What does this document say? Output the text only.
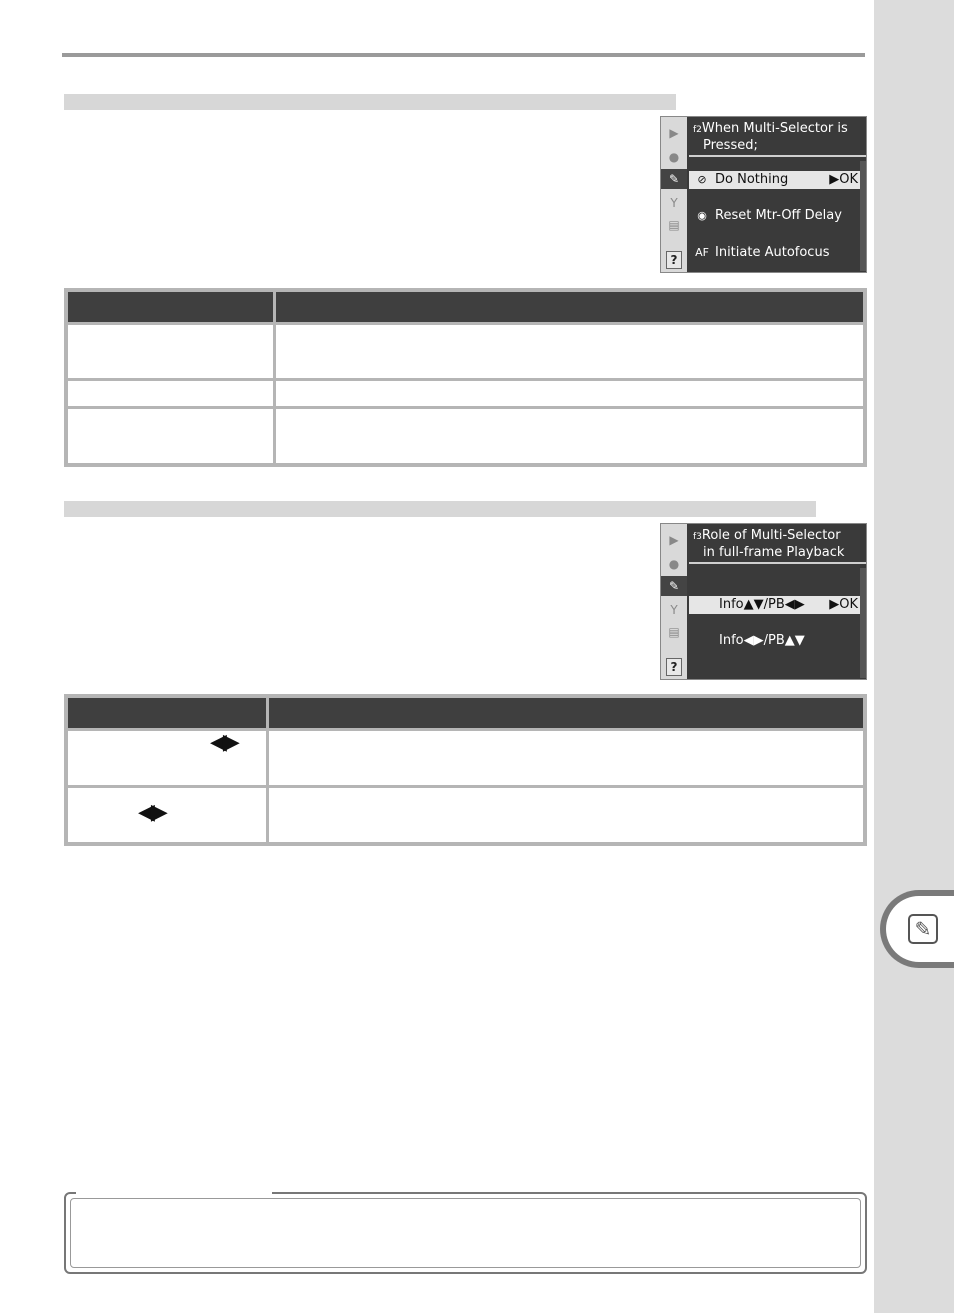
✎
▶
●
✎
Y
▤
?
f2When Multi-Selector is
Pressed;
⊘ Do Nothing	▶OK
◉ Reset Mtr-Off Delay
AF Initiate Autofocus
▶
●
✎
Y
▤
?
f3Role of Multi-Selector
in full-frame Playback
Info▲▼/PB◀▶ ▶OK
Info◀▶/PB▲▼
◀▶
◀▶
